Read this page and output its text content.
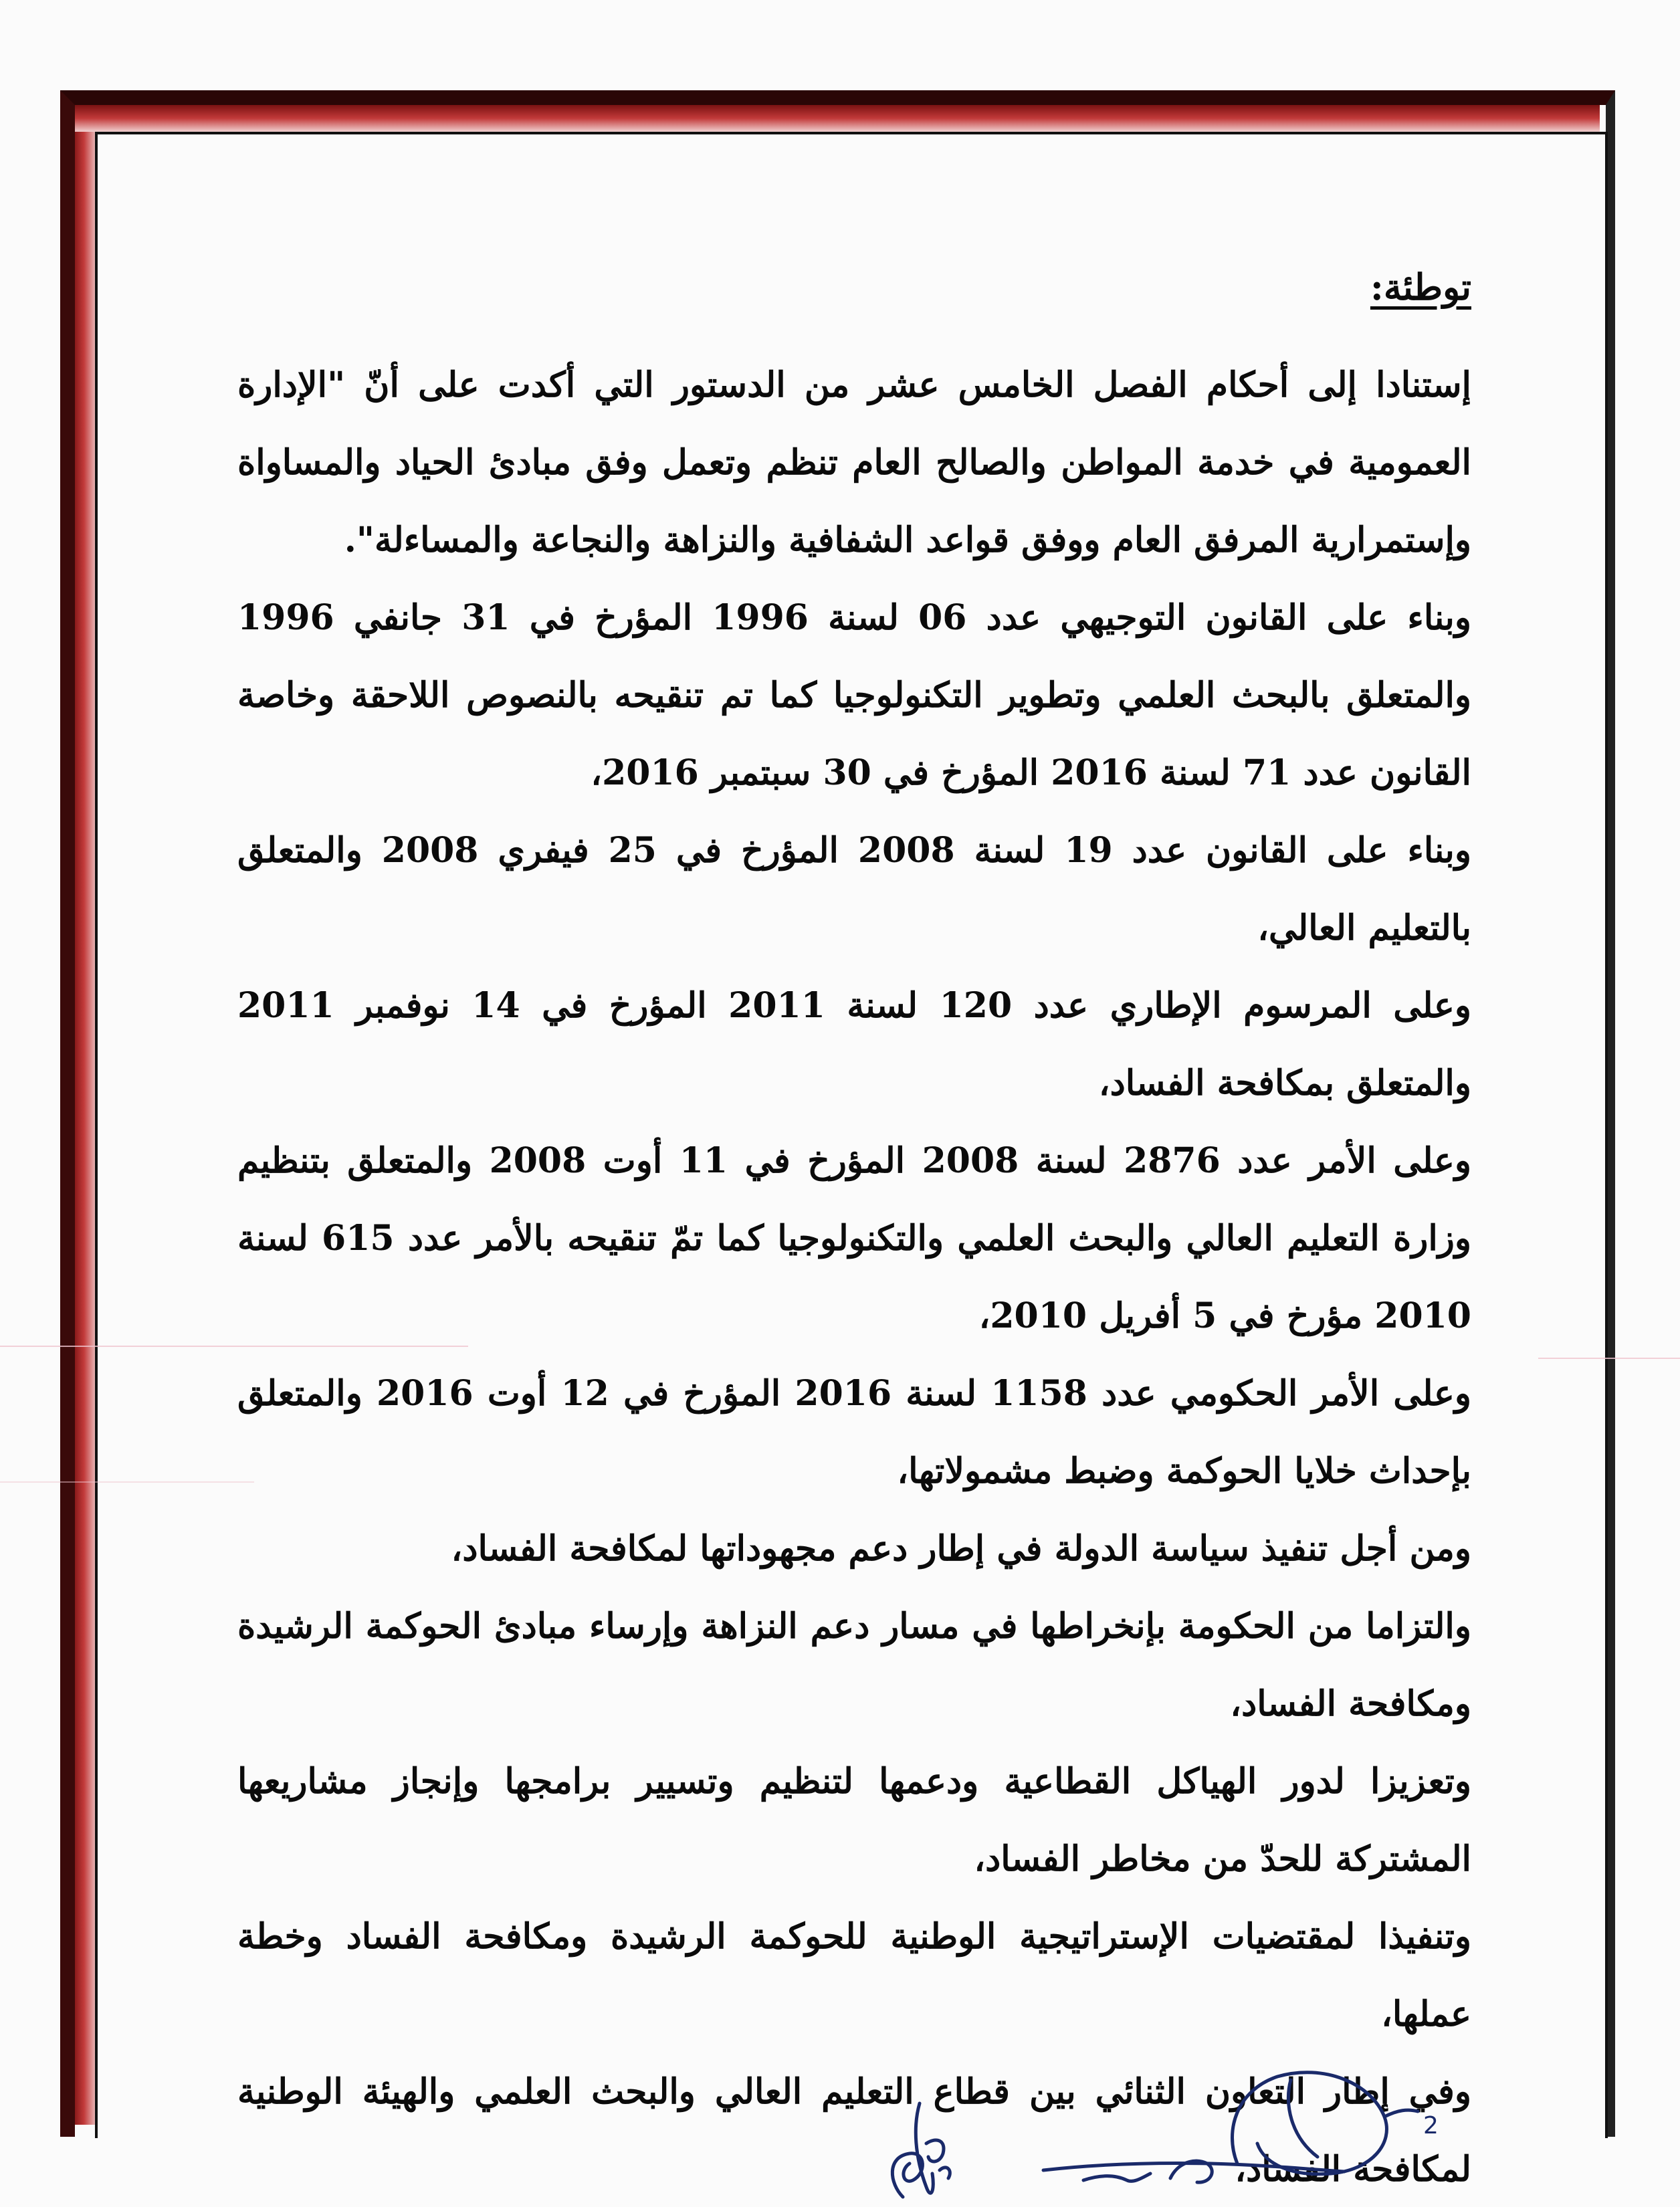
توطئة:

إستنادا إلى أحكام الفصل الخامس عشر من الدستور التي أكدت على أنّ "الإدارة العمومية في خدمة المواطن والصالح العام تنظم وتعمل وفق مبادئ الحياد والمساواة وإستمرارية المرفق العام ووفق قواعد الشفافية والنزاهة والنجاعة والمساءلة".

وبناء على القانون التوجيهي عدد 06 لسنة 1996 المؤرخ في 31 جانفي 1996 والمتعلق بالبحث العلمي وتطوير التكنولوجيا كما تم تنقيحه بالنصوص اللاحقة وخاصة القانون عدد 71 لسنة 2016 المؤرخ في 30 سبتمبر 2016،

وبناء على القانون عدد 19 لسنة 2008 المؤرخ في 25 فيفري 2008 والمتعلق بالتعليم العالي،

وعلى المرسوم الإطاري عدد 120 لسنة 2011 المؤرخ في 14 نوفمبر 2011 والمتعلق بمكافحة الفساد،

وعلى الأمر عدد 2876 لسنة 2008 المؤرخ في 11 أوت 2008 والمتعلق بتنظيم وزارة التعليم العالي والبحث العلمي والتكنولوجيا كما تمّ تنقيحه بالأمر عدد 615 لسنة 2010 مؤرخ في 5 أفريل 2010،

وعلى الأمر الحكومي عدد 1158 لسنة 2016 المؤرخ في 12 أوت 2016 والمتعلق بإحداث خلايا الحوكمة وضبط مشمولاتها،

ومن أجل تنفيذ سياسة الدولة في إطار دعم مجهوداتها لمكافحة الفساد،

والتزاما من الحكومة بإنخراطها في مسار دعم النزاهة وإرساء مبادئ الحوكمة الرشيدة ومكافحة الفساد،

وتعزيزا لدور الهياكل القطاعية ودعمها لتنظيم وتسيير برامجها وإنجاز مشاريعها المشتركة للحدّ من مخاطر الفساد،

وتنفيذا لمقتضيات الإستراتيجية الوطنية للحوكمة الرشيدة ومكافحة الفساد وخطة عملها،

وفي إطار التعاون الثنائي بين قطاع التعليم العالي والبحث العلمي والهيئة الوطنية لمكافحة الفساد،

2
